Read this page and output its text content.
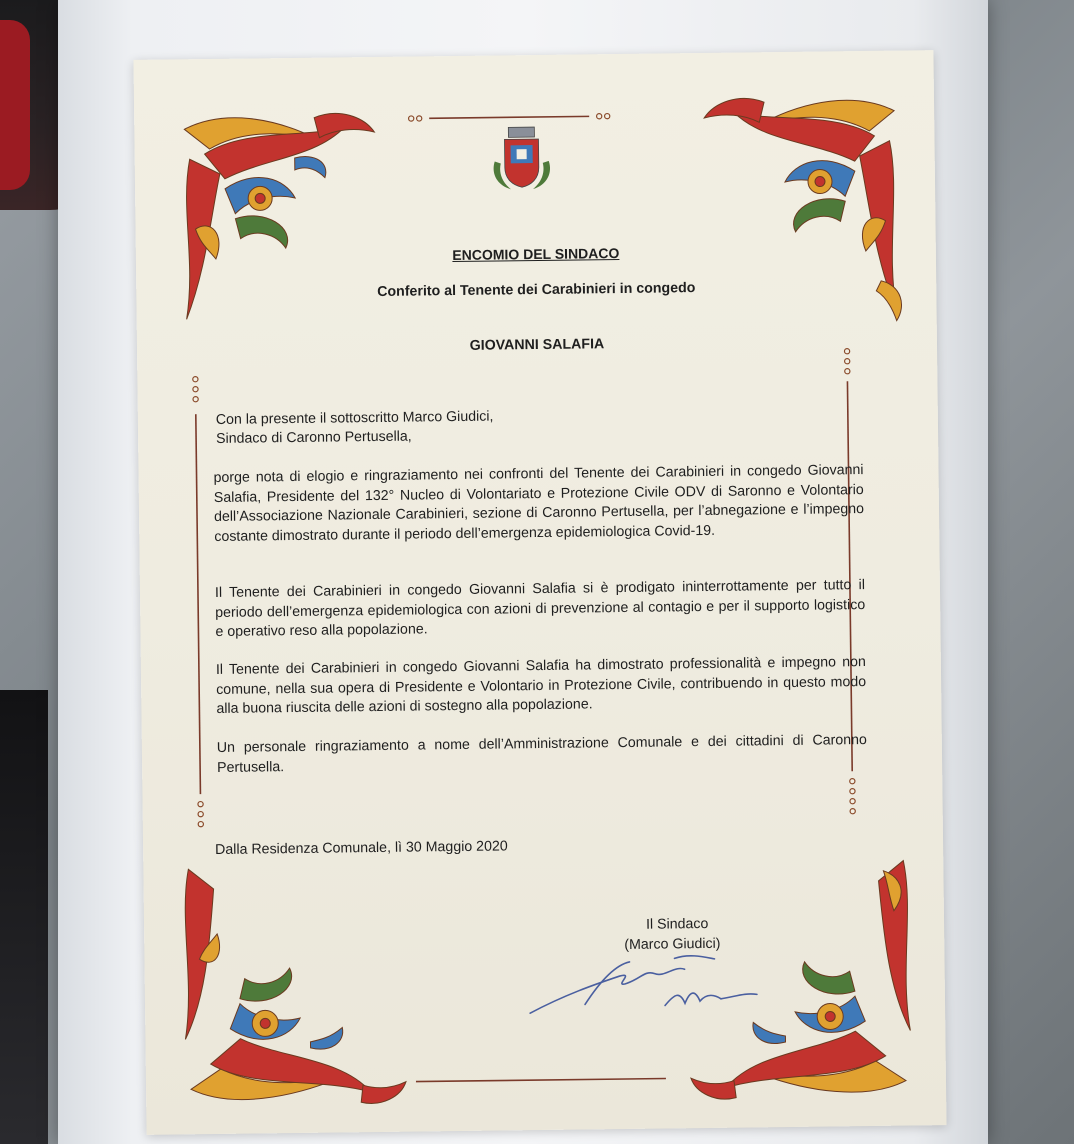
ENCOMIO DEL SINDACO
Conferito al Tenente dei Carabinieri in congedo
GIOVANNI SALAFIA
Con la presente il sottoscritto Marco Giudici,
Sindaco di Caronno Pertusella,
porge nota di elogio e ringraziamento nei confronti del Tenente dei Carabinieri in congedo Giovanni Salafia, Presidente del 132° Nucleo di Volontariato e Protezione Civile ODV di Saronno e Volontario dell’Associazione Nazionale Carabinieri, sezione di Caronno Pertusella, per l’abnegazione e l’impegno costante dimostrato durante il periodo dell’emergenza epidemiologica Covid-19.
Il Tenente dei Carabinieri in congedo Giovanni Salafia si è prodigato ininterrottamente per tutto il periodo dell’emergenza epidemiologica con azioni di prevenzione al contagio e per il supporto logistico e operativo reso alla popolazione.
Il Tenente dei Carabinieri in congedo Giovanni Salafia ha dimostrato professionalità e impegno non comune, nella sua opera di Presidente e Volontario in Protezione Civile, contribuendo in questo modo alla buona riuscita delle azioni di sostegno alla popolazione.
Un personale ringraziamento a nome dell’Amministrazione Comunale e dei cittadini di Caronno Pertusella.
Dalla Residenza Comunale, lì 30 Maggio 2020
Il Sindaco
(Marco Giudici)
